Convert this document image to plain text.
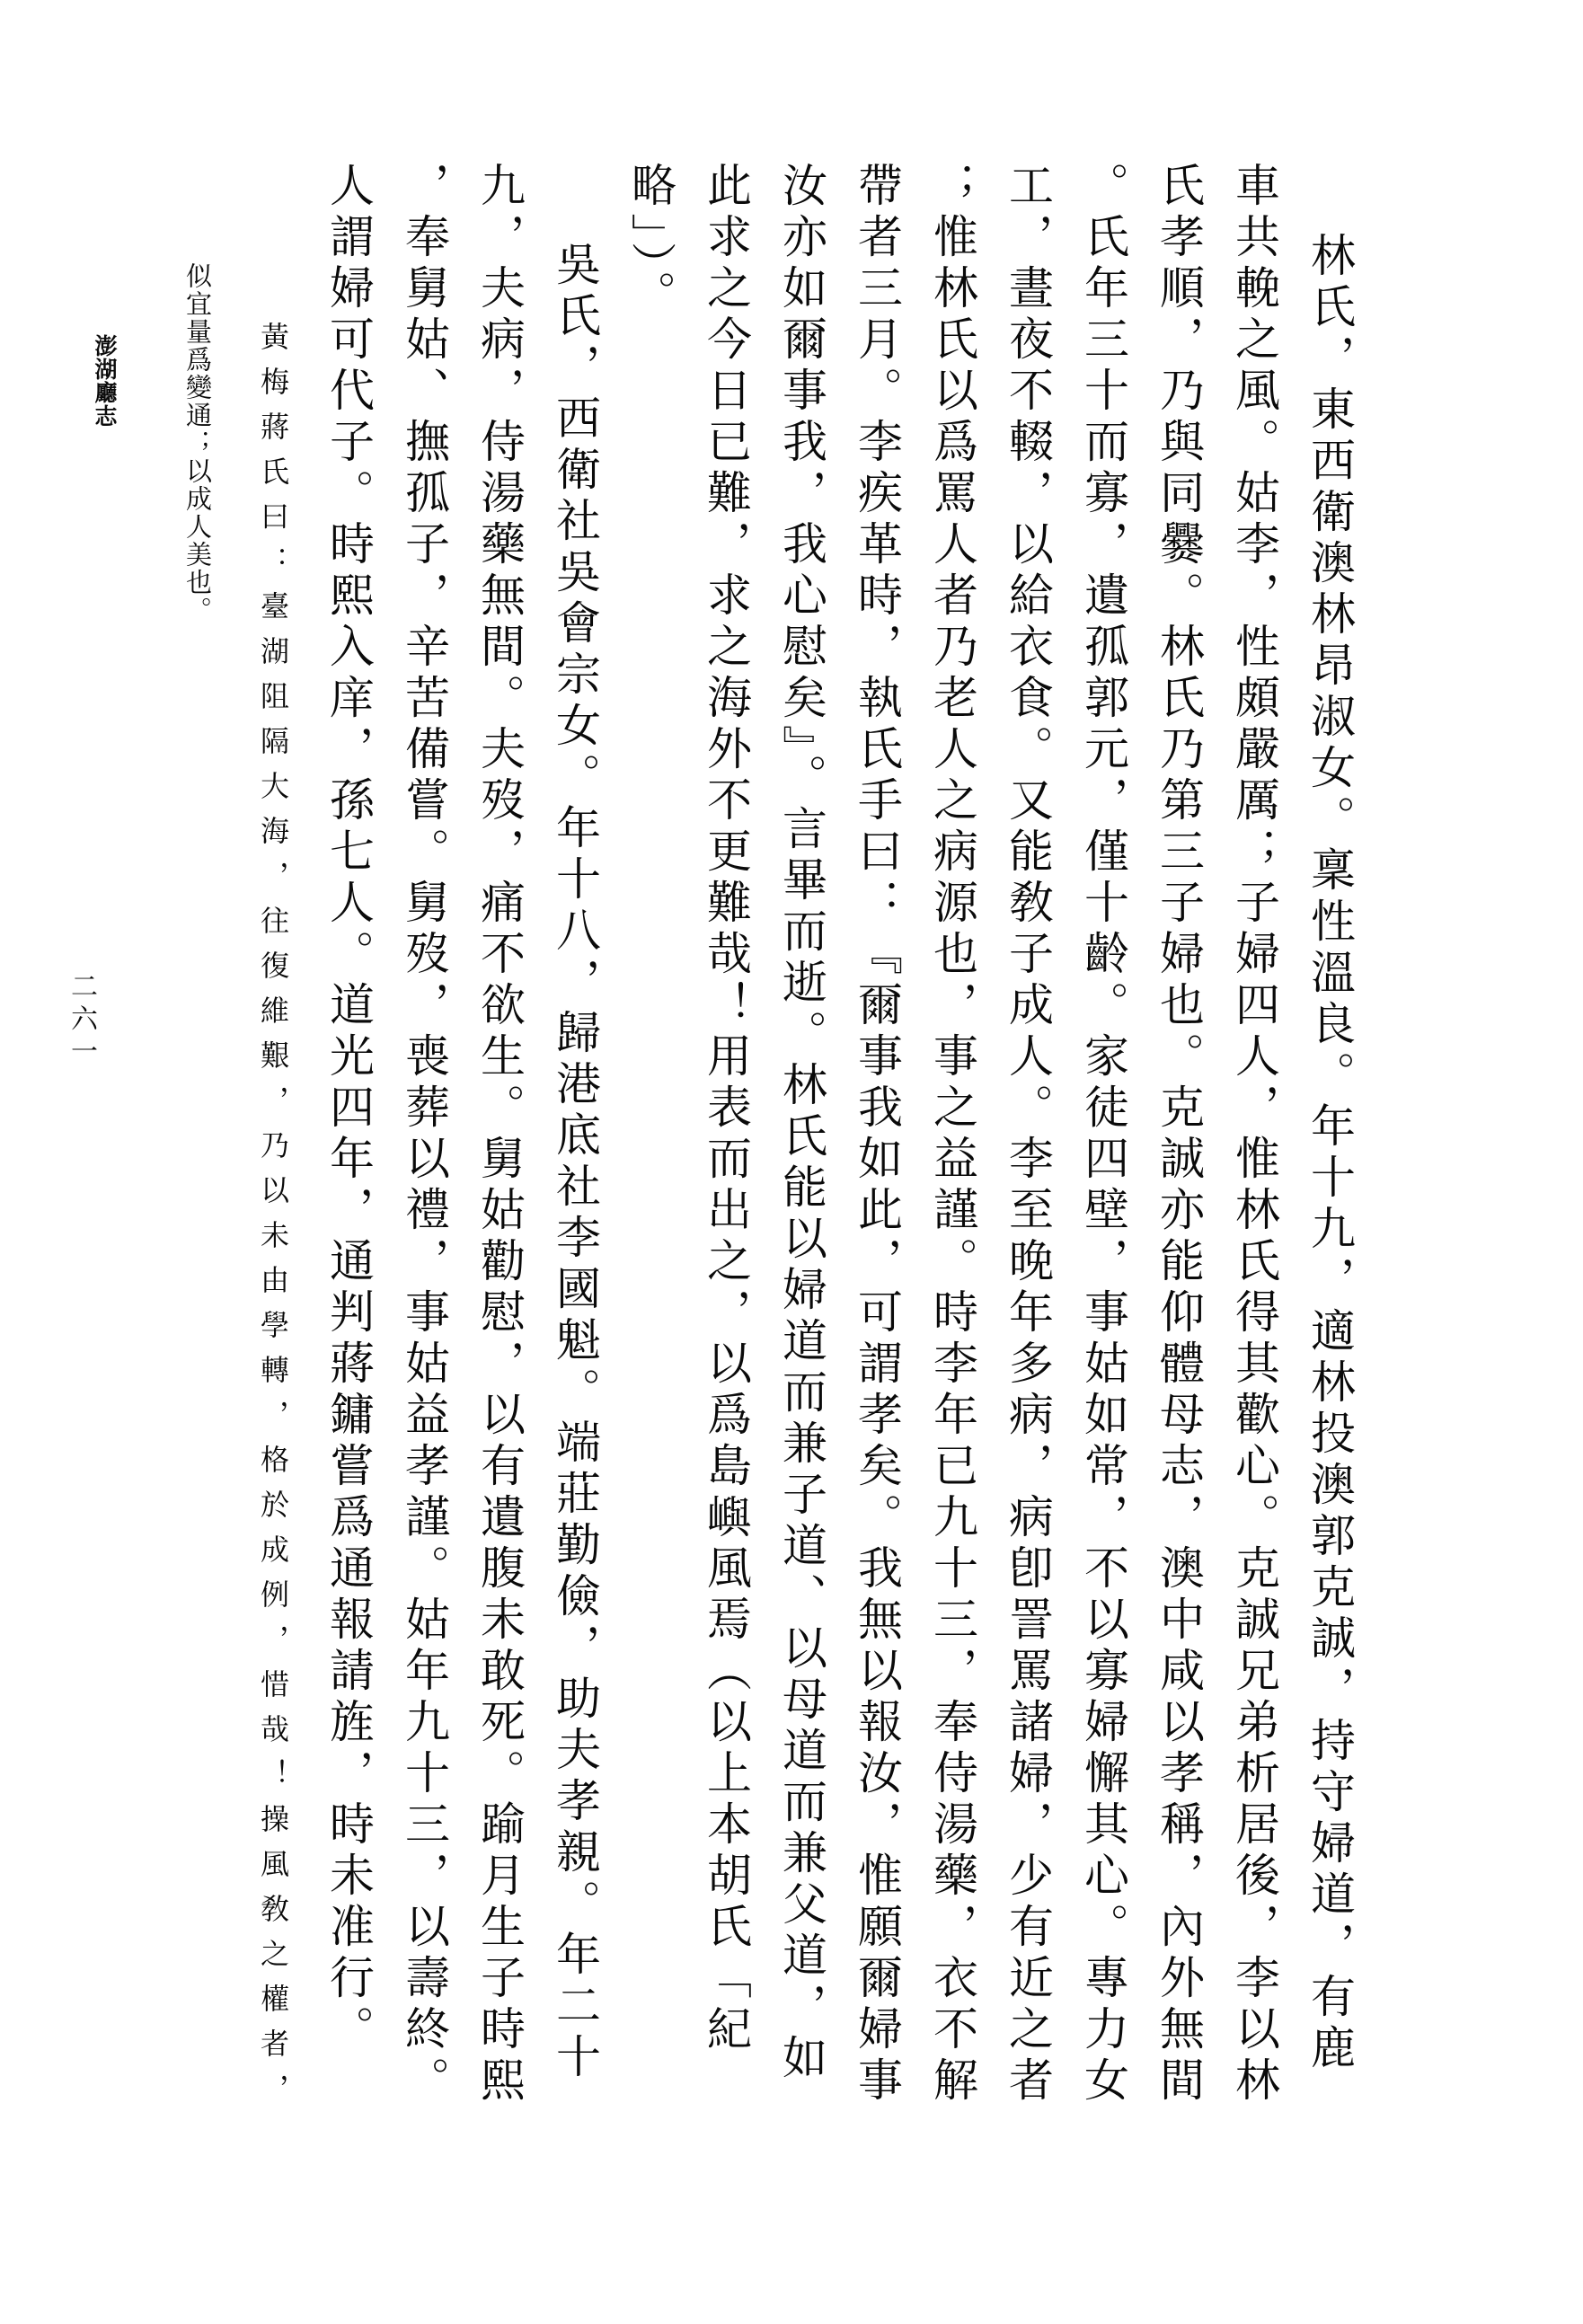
林氏，東西衛澳林昂淑女。稟性溫良。年十九，適林投澳郭克誠，持守婦道，有鹿
車共輓之風。姑李，性頗嚴厲；子婦四人，惟林氏得其歡心。克誠兄弟析居後，李以林
氏孝順，乃與同爨。林氏乃第三子婦也。克誠亦能仰體母志，澳中咸以孝稱，內外無間
。氏年三十而寡，遺孤郭元，僅十齡。家徒四壁，事姑如常，不以寡婦懈其心。專力女
工，晝夜不輟，以給衣食。又能敎子成人。李至晚年多病，病卽詈罵諸婦，少有近之者
；惟林氏以爲罵人者乃老人之病源也，事之益謹。時李年已九十三，奉侍湯藥，衣不解
帶者三月。李疾革時，執氏手曰：『爾事我如此，可謂孝矣。我無以報汝，惟願爾婦事
汝亦如爾事我，我心慰矣』。言畢而逝。林氏能以婦道而兼子道、以母道而兼父道，如
此求之今日已難，求之海外不更難哉！用表而出之，以爲島嶼風焉（以上本胡氏「紀
略」）。
吳氏，西衛社吳會宗女。年十八，歸港底社李國魁。端莊勤儉，助夫孝親。年二十
九，夫病，侍湯藥無間。夫歿，痛不欲生。舅姑勸慰，以有遺腹未敢死。踰月生子時熙
，奉舅姑、撫孤子，辛苦備嘗。舅歿，喪葬以禮，事姑益孝謹。姑年九十三，以壽終。
人謂婦可代子。時熙入庠，孫七人。道光四年，通判蔣鏞嘗爲通報請旌，時未准行。
黃梅蔣氏曰：臺湖阻隔大海，往復維艱，乃以未由學轉，格於成例，惜哉！操風敎之權者，
似宜量爲變通；以成人美也。
澎湖廳志
二六一
